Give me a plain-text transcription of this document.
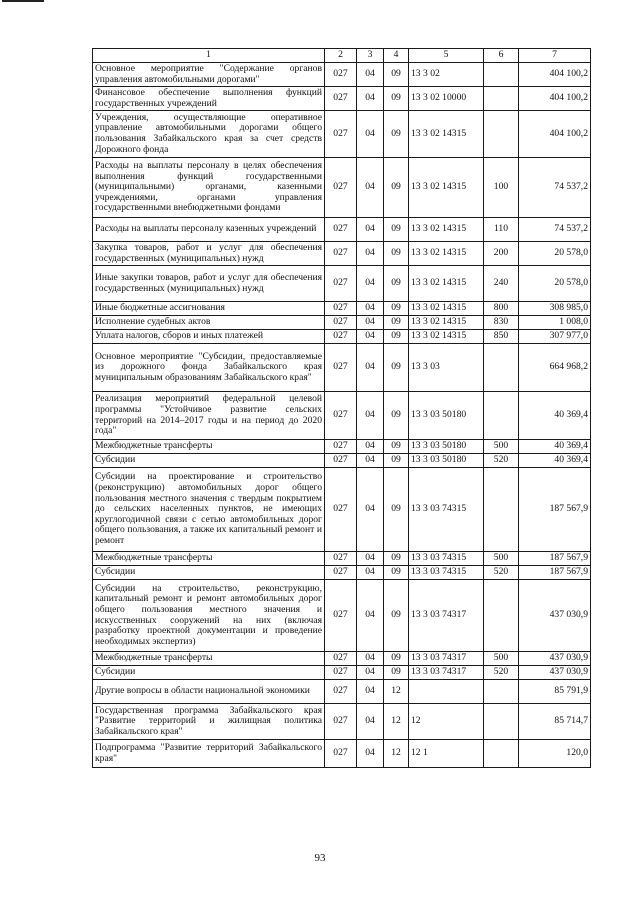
1	2	3	4	5	6	7
Основное мероприятие "Содержание органов управления автомобильными дорогами"	027	04	09	13 3 02		404 100,2
Финансовое обеспечение выполнения функций государственных учреждений	027	04	09	13 3 02 10000		404 100,2
Учреждения, осуществляющие оперативное управление автомобильными дорогами общего пользования Забайкальского края за счет средств Дорожного фонда	027	04	09	13 3 02 14315		404 100,2
Расходы на выплаты персоналу в целях обеспечения выполнения функций государственными (муниципальными) органами, казенными учреждениями, органами управления государственными внебюджетными фондами	027	04	09	13 3 02 14315	100	74 537,2
Расходы на выплаты персоналу казенных учреждений	027	04	09	13 3 02 14315	110	74 537,2
Закупка товаров, работ и услуг для обеспечения государственных (муниципальных) нужд	027	04	09	13 3 02 14315	200	20 578,0
Иные закупки товаров, работ и услуг для обеспечения государственных (муниципальных) нужд	027	04	09	13 3 02 14315	240	20 578,0
Иные бюджетные ассигнования	027	04	09	13 3 02 14315	800	308 985,0
Исполнение судебных актов	027	04	09	13 3 02 14315	830	1 008,0
Уплата налогов, сборов и иных платежей	027	04	09	13 3 02 14315	850	307 977,0
Основное мероприятие "Субсидии, предоставляемые из дорожного фонда Забайкальского края муниципальным образованиям Забайкальского края"	027	04	09	13 3 03		664 968,2
Реализация мероприятий федеральной целевой программы "Устойчивое развитие сельских территорий на 2014–2017 годы и на период до 2020 года"	027	04	09	13 3 03 50180		40 369,4
Межбюджетные трансферты	027	04	09	13 3 03 50180	500	40 369,4
Субсидии	027	04	09	13 3 03 50180	520	40 369,4
Субсидии на проектирование и строительство (реконструкцию) автомобильных дорог общего пользования местного значения с твердым покрытием до сельских населенных пунктов, не имеющих круглогодичной связи с сетью автомобильных дорог общего пользования, а также их капитальный ремонт и ремонт	027	04	09	13 3 03 74315		187 567,9
Межбюджетные трансферты	027	04	09	13 3 03 74315	500	187 567,9
Субсидии	027	04	09	13 3 03 74315	520	187 567,9
Субсидии на строительство, реконструкцию, капитальный ремонт и ремонт автомобильных дорог общего пользования местного значения и искусственных сооружений на них (включая разработку проектной документации и проведение необходимых экспертиз)	027	04	09	13 3 03 74317		437 030,9
Межбюджетные трансферты	027	04	09	13 3 03 74317	500	437 030,9
Субсидии	027	04	09	13 3 03 74317	520	437 030,9
Другие вопросы в области национальной экономики	027	04	12			85 791,9
Государственная программа Забайкальского края "Развитие территорий и жилищная политика Забайкальского края"	027	04	12	12		85 714,7
Подпрограмма "Развитие территорий Забайкальского края"	027	04	12	12 1		120,0
93
